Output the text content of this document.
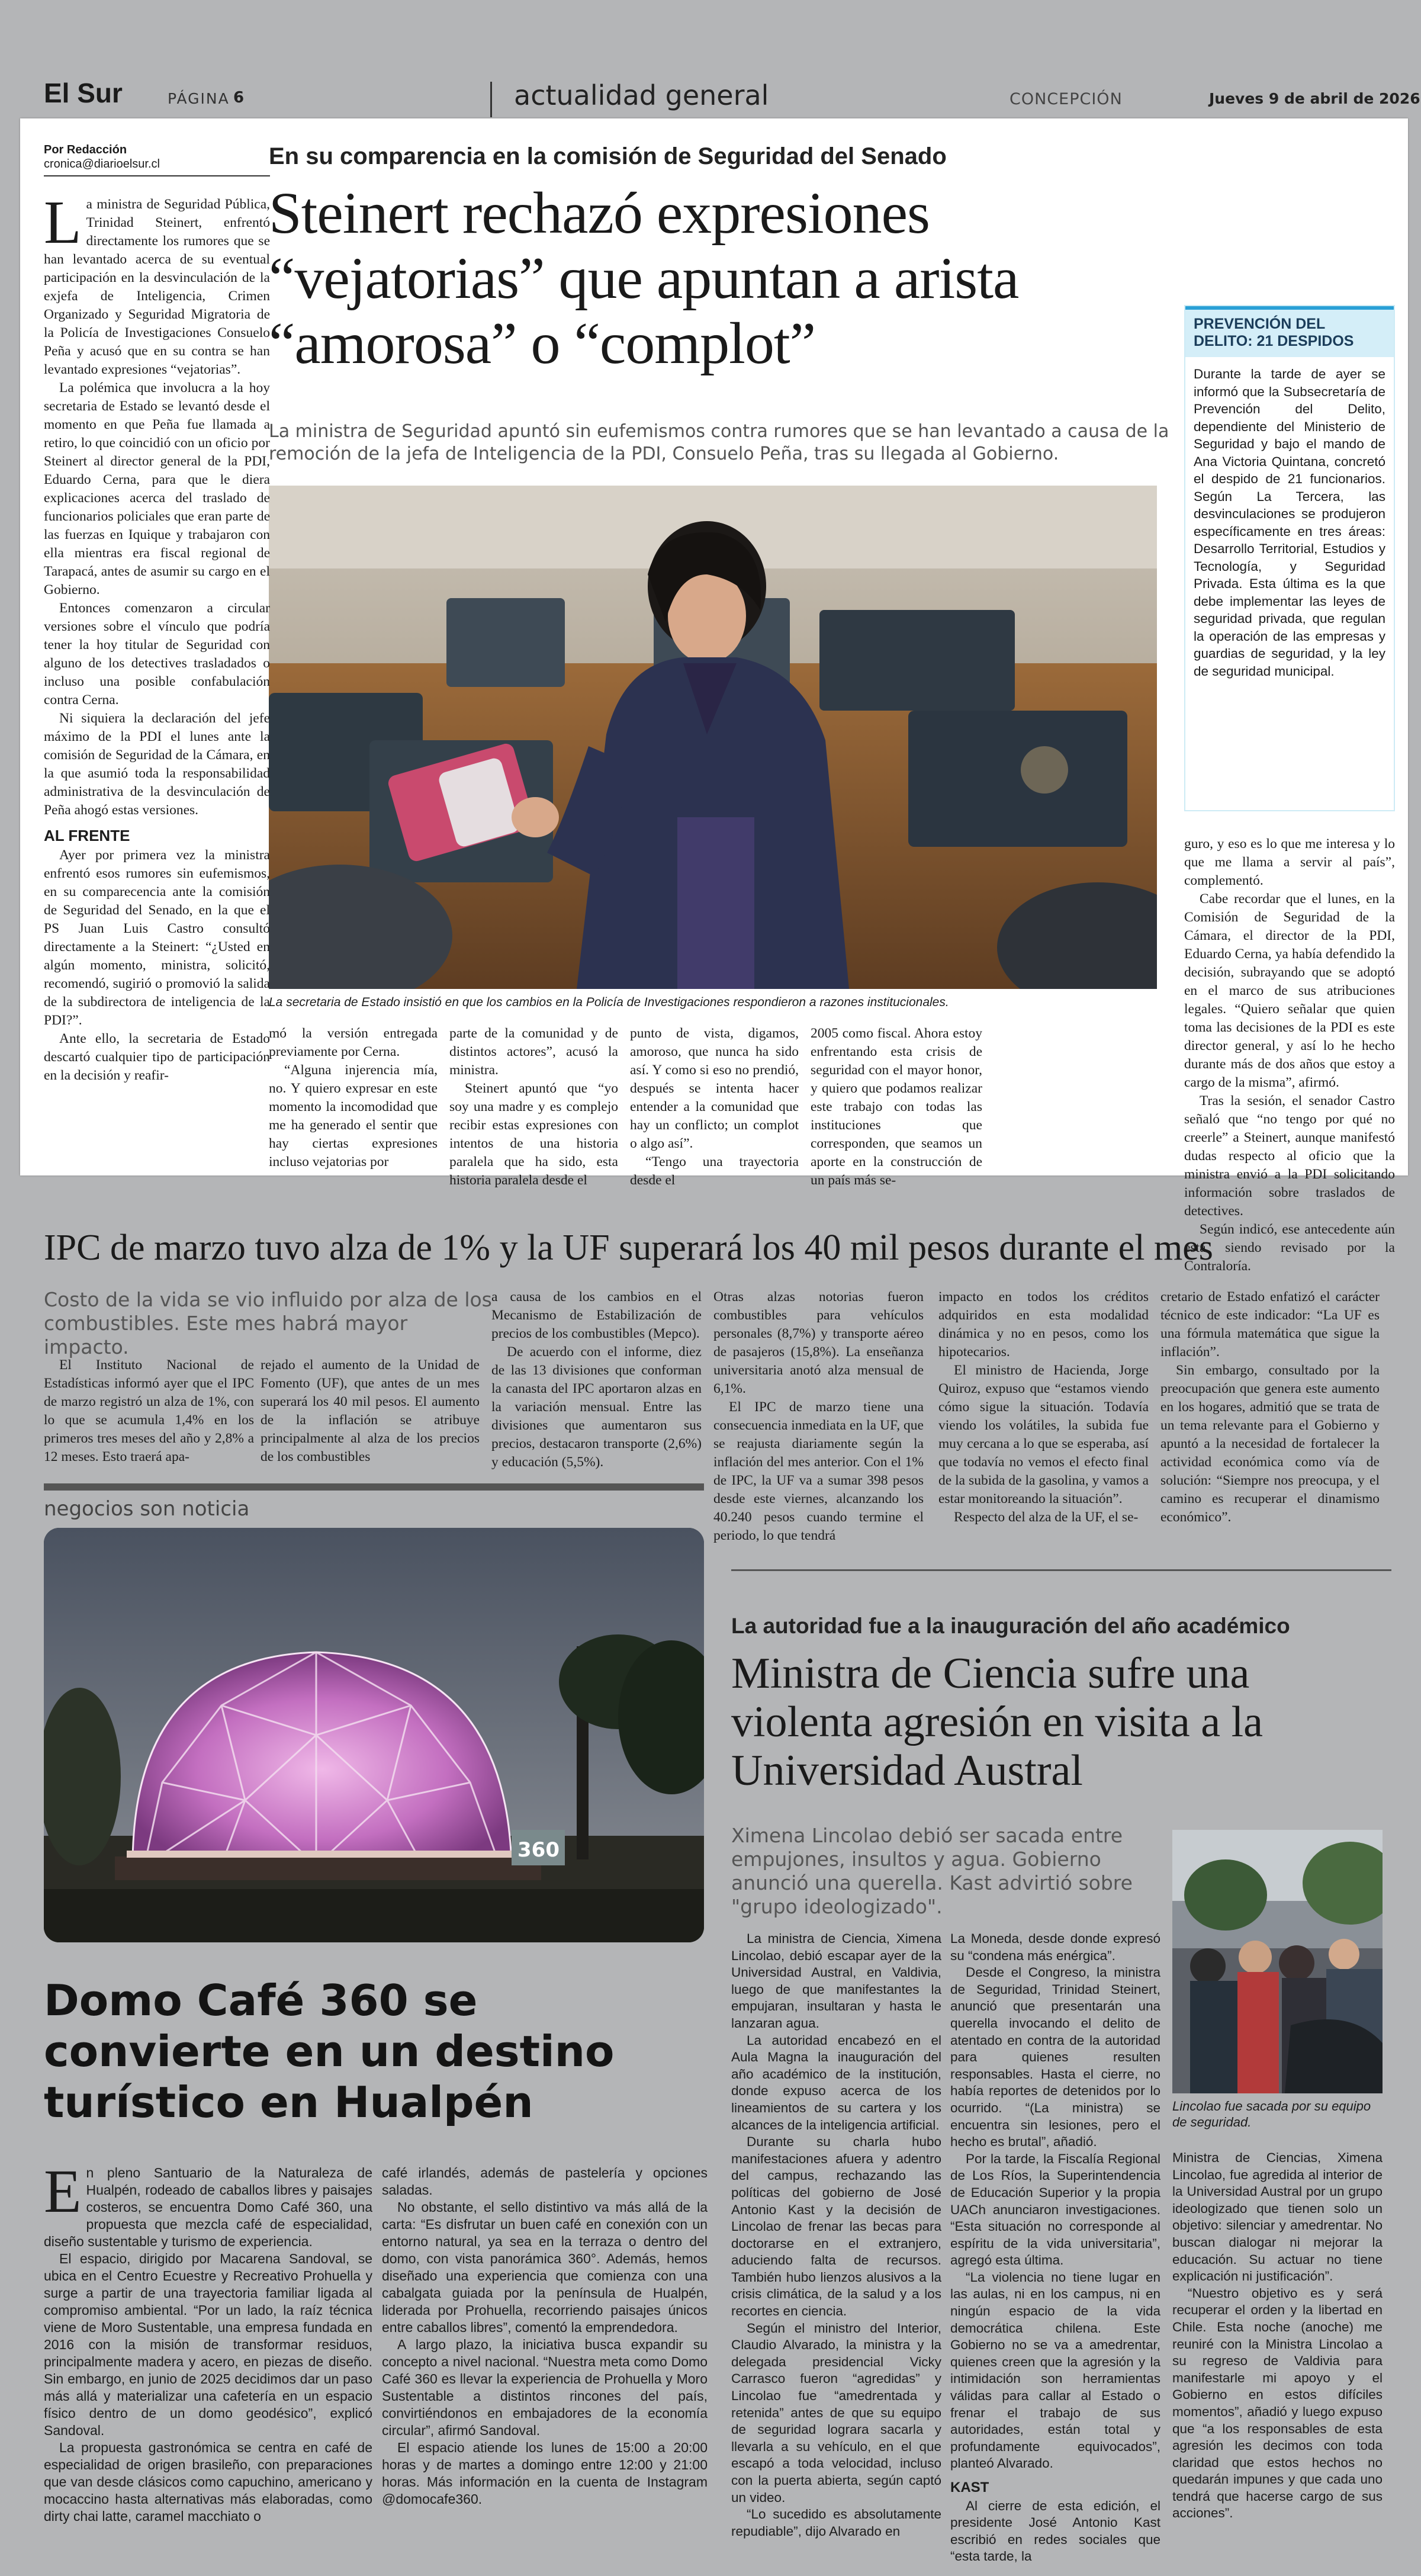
El Sur	PÁGINA 6	actualidad general	CONCEPCIÓN	Jueves 9 de abril de 2026
Por Redacción
cronica@diarioelsur.cl	En su comparencia en la comisión de Seguridad del Senado
Steinert rechazó expresiones “vejatorias” que apuntan a arista “amorosa” o “complot”
La ministra de Seguridad apuntó sin eufemismos contra rumores que se han levantado a causa de la remoción de la jefa de Inteligencia de la PDI, Consuelo Peña, tras su llegada al Gobierno.
La secretaria de Estado insistió en que los cambios en la Policía de Investigaciones respondieron a razones institucionales.

La ministra de Seguridad Pública, Trinidad Steinert, enfrentó directamente los rumores que se han levantado acerca de su eventual participación en la desvinculación de la exjefa de Inteligencia, Crimen Organizado y Seguridad Migratoria de la Policía de Investigaciones Consuelo Peña y acusó que en su contra se han levantado expresiones “vejatorias”.

La polémica que involucra a la hoy secretaria de Estado se levantó desde el momento en que Peña fue llamada a retiro, lo que coincidió con un oficio por Steinert al director general de la PDI, Eduardo Cerna, para que le diera explicaciones acerca del traslado de funcionarios policiales que eran parte de las fuerzas en Iquique y trabajaron con ella mientras era fiscal regional de Tarapacá, antes de asumir su cargo en el Gobierno.

Entonces comenzaron a circular versiones sobre el vínculo que podría tener la hoy titular de Seguridad con alguno de los detectives trasladados o incluso una posible confabulación contra Cerna.

Ni siquiera la declaración del jefe máximo de la PDI el lunes ante la comisión de Seguridad de la Cámara, en la que asumió toda la responsabilidad administrativa de la desvinculación de Peña ahogó estas versiones.

AL FRENTE

Ayer por primera vez la ministra enfrentó esos rumores sin eufemismos, en su comparecencia ante la comisión de Seguridad del Senado, en la que el PS Juan Luis Castro consultó directamente a la Steinert: “¿Usted en algún momento, ministra, solicitó, recomendó, sugirió o promovió la salida de la subdirectora de inteligencia de la PDI?”.

Ante ello, la secretaria de Estado descartó cualquier tipo de participación en la decisión y reafir-

mó la versión entregada previamente por Cerna.

“Alguna injerencia mía, no. Y quiero expresar en este momento la incomodidad que me ha generado el sentir que hay ciertas expresiones incluso vejatorias por

parte de la comunidad y de distintos actores”, acusó la ministra.

Steinert apuntó que “yo soy una madre y es complejo recibir estas expresiones con intentos de una historia paralela que ha sido, esta historia paralela desde el

punto de vista, digamos, amoroso, que nunca ha sido así. Y como si eso no prendió, después se intenta hacer entender a la comunidad que hay un conflicto; un complot o algo así”.

“Tengo una trayectoria desde el

2005 como fiscal. Ahora estoy enfrentando esta crisis de seguridad con el mayor honor, y quiero que podamos realizar este trabajo con todas las instituciones que corresponden, que seamos un aporte en la construcción de un país más se-

PREVENCIÓN DEL DELITO: 21 DESPIDOS
Durante la tarde de ayer se informó que la Subsecretaría de Prevención del Delito, dependiente del Ministerio de Seguridad y bajo el mando de Ana Victoria Quintana, concretó el despido de 21 funcionarios. Según La Tercera, las desvinculaciones se produjeron específicamente en tres áreas: Desarrollo Territorial, Estudios y Tecnología, y Seguridad Privada. Esta última es la que debe implementar las leyes de seguridad privada, que regulan la operación de las empresas y guardias de seguridad, y la ley de seguridad municipal.

guro, y eso es lo que me interesa y lo que me llama a servir al país”, complementó.

Cabe recordar que el lunes, en la Comisión de Seguridad de la Cámara, el director de la PDI, Eduardo Cerna, ya había defendido la decisión, subrayando que se adoptó en el marco de sus atribuciones legales. “Quiero señalar que quien toma las decisiones de la PDI es este director general, y así lo he hecho durante más de dos años que estoy a cargo de la misma”, afirmó.

Tras la sesión, el senador Castro señaló que “no tengo por qué no creerle” a Steinert, aunque manifestó dudas respecto al oficio que la ministra envió a la PDI solicitando información sobre traslados de detectives.

Según indicó, ese antecedente aún está siendo revisado por la Contraloría.

IPC de marzo tuvo alza de 1% y la UF superará los 40 mil pesos durante el mes
Costo de la vida se vio influido por alza de los combustibles. Este mes habrá mayor impacto.
El Instituto Nacional de Estadísticas informó ayer que el IPC de marzo registró un alza de 1%, con lo que se acumula 1,4% en los primeros tres meses del año y 2,8% a 12 meses. Esto traerá apa-
rejado el aumento de la Unidad de Fomento (UF), que antes de un mes superará los 40 mil pesos. El aumento de la inflación se atribuye principalmente al alza de los precios de los combustibles

a causa de los cambios en el Mecanismo de Estabilización de precios de los combustibles (Mepco).

De acuerdo con el informe, diez de las 13 divisiones que conforman la canasta del IPC aportaron alzas en la variación mensual. Entre las divisiones que aumentaron sus precios, destacaron transporte (2,6%) y educación (5,5%).

Otras alzas notorias fueron combustibles para vehículos personales (8,7%) y transporte aéreo de pasajeros (15,8%). La enseñanza universitaria anotó alza mensual de 6,1%.

El IPC de marzo tiene una consecuencia inmediata en la UF, que se reajusta diariamente según la inflación del mes anterior. Con el 1% de IPC, la UF va a sumar 398 pesos desde este viernes, alcanzando los 40.240 pesos cuando termine el periodo, lo que tendrá

impacto en todos los créditos adquiridos en esta modalidad dinámica y no en pesos, como los hipotecarios.

El ministro de Hacienda, Jorge Quiroz, expuso que “estamos viendo cómo sigue la situación. Todavía viendo los volátiles, la subida fue muy cercana a lo que se esperaba, así que todavía no vemos el efecto final de la subida de la gasolina, y vamos a estar monitoreando la situación”.

Respecto del alza de la UF, el se-

cretario de Estado enfatizó el carácter técnico de este indicador: “La UF es una fórmula matemática que sigue la inflación”.

Sin embargo, consultado por la preocupación que genera este aumento en los hogares, admitió que se trata de un tema relevante para el Gobierno y apuntó a la necesidad de fortalecer la actividad económica como vía de solución: “Siempre nos preocupa, y el camino es recuperar el dinamismo económico”.

negocios son noticia
360
Domo Café 360 se convierte en un destino turístico en Hualpén

En pleno Santuario de la Naturaleza de Hualpén, rodeado de caballos libres y paisajes costeros, se encuentra Domo Café 360, una propuesta que mezcla café de especialidad, diseño sustentable y turismo de experiencia.

El espacio, dirigido por Macarena Sandoval, se ubica en el Centro Ecuestre y Recreativo Prohuella y surge a partir de una trayectoria familiar ligada al compromiso ambiental. “Por un lado, la raíz técnica viene de Moro Sustentable, una empresa fundada en 2016 con la misión de transformar residuos, principalmente madera y acero, en piezas de diseño. Sin embargo, en junio de 2025 decidimos dar un paso más allá y materializar una cafetería en un espacio físico dentro de un domo geodésico”, explicó Sandoval.

La propuesta gastronómica se centra en café de especialidad de origen brasileño, con preparaciones que van desde clásicos como capuchino, americano y mocaccino hasta alternativas más elaboradas, como dirty chai latte, caramel macchiato o

café irlandés, además de pastelería y opciones saladas.

No obstante, el sello distintivo va más allá de la carta: “Es disfrutar un buen café en conexión con un entorno natural, ya sea en la terraza o dentro del domo, con vista panorámica 360°. Además, hemos diseñado una experiencia que comienza con una cabalgata guiada por la península de Hualpén, liderada por Prohuella, recorriendo paisajes únicos entre caballos libres”, comentó la emprendedora.

A largo plazo, la iniciativa busca expandir su concepto a nivel nacional. “Nuestra meta como Domo Café 360 es llevar la experiencia de Prohuella y Moro Sustentable a distintos rincones del país, convirtiéndonos en embajadores de la economía circular”, afirmó Sandoval.

El espacio atiende los lunes de 15:00 a 20:00 horas y de martes a domingo entre 12:00 y 21:00 horas. Más información en la cuenta de Instagram @domocafe360.

La autoridad fue a la inauguración del año académico
Ministra de Ciencia sufre una violenta agresión en visita a la Universidad Austral
Ximena Lincolao debió ser sacada entre empujones, insultos y agua. Gobierno anunció una querella. Kast advirtió sobre "grupo ideologizado".
Lincolao fue sacada por su equipo de seguridad.

La ministra de Ciencia, Ximena Lincolao, debió escapar ayer de la Universidad Austral, en Valdivia, luego de que manifestantes la empujaran, insultaran y hasta le lanzaran agua.

La autoridad encabezó en el Aula Magna la inauguración del año académico de la institución, donde expuso acerca de los lineamientos de su cartera y los alcances de la inteligencia artificial.

Durante su charla hubo manifestaciones afuera y adentro del campus, rechazando las políticas del gobierno de José Antonio Kast y la decisión de Lincolao de frenar las becas para doctorarse en el extranjero, aduciendo falta de recursos. También hubo lienzos alusivos a la crisis climática, de la salud y a los recortes en ciencia.

Según el ministro del Interior, Claudio Alvarado, la ministra y la delegada presidencial Vicky Carrasco fueron “agredidas” y Lincolao fue “amedrentada y retenida” antes de que su equipo de seguridad lograra sacarla y llevarla a su vehículo, en el que escapó a toda velocidad, incluso con la puerta abierta, según captó un video.

“Lo sucedido es absolutamente repudiable”, dijo Alvarado en

La Moneda, desde donde expresó su “condena más enérgica”.

Desde el Congreso, la ministra de Seguridad, Trinidad Steinert, anunció que presentarán una querella invocando el delito de atentado en contra de la autoridad para quienes resulten responsables. Hasta el cierre, no había reportes de detenidos por lo ocurrido. “(La ministra) se encuentra sin lesiones, pero el hecho es brutal”, añadió.

Por la tarde, la Fiscalía Regional de Los Ríos, la Superintendencia de Educación Superior y la propia UACh anunciaron investigaciones. “Esta situación no corresponde al espíritu de la vida universitaria”, agregó esta última.

“La violencia no tiene lugar en las aulas, ni en los campus, ni en ningún espacio de la vida democrática chilena. Este Gobierno no se va a amedrentar, quienes creen que la agresión y la intimidación son herramientas válidas para callar al Estado o frenar el trabajo de sus autoridades, están total y profundamente equivocados”, planteó Alvarado.

KAST

Al cierre de esta edición, el presidente José Antonio Kast escribió en redes sociales que “esta tarde, la

Ministra de Ciencias, Ximena Lincolao, fue agredida al interior de la Universidad Austral por un grupo ideologizado que tienen solo un objetivo: silenciar y amedrentar. No buscan dialogar ni mejorar la educación. Su actuar no tiene explicación ni justificación”.

“Nuestro objetivo es y será recuperar el orden y la libertad en Chile. Esta noche (anoche) me reuniré con la Ministra Lincolao a su regreso de Valdivia para manifestarle mi apoyo y el Gobierno en estos difíciles momentos”, añadió y luego expuso que “a los responsables de esta agresión les decimos con toda claridad que estos hechos no quedarán impunes y que cada uno tendrá que hacerse cargo de sus acciones”.
